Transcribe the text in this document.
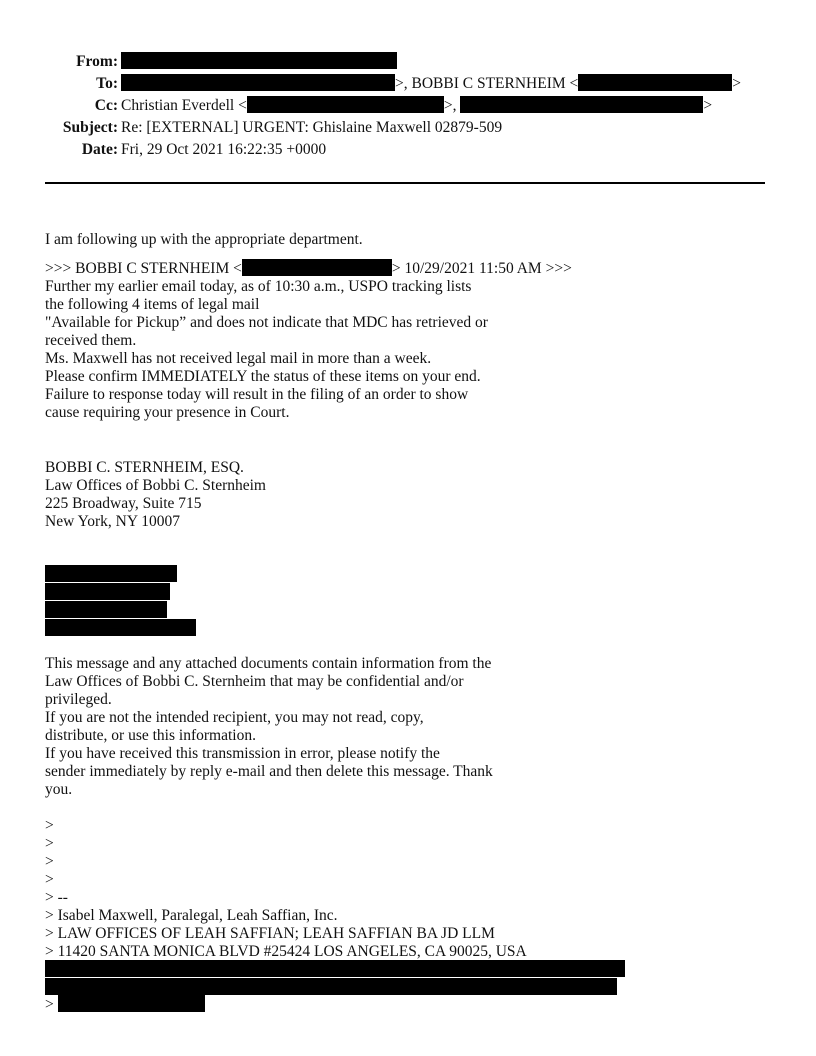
From:
To:	>, BOBBI C STERNHEIM <	>
Cc: Christian Everdell <	>,	>
Subject: Re: [EXTERNAL] URGENT: Ghislaine Maxwell 02879-509
Date: Fri, 29 Oct 2021 16:22:35 +0000
I am following up with the appropriate department.
>>> BOBBI C STERNHEIM <	> 10/29/2021 11:50 AM >>>
Further my earlier email today, as of 10:30 a.m., USPO tracking lists
the following 4 items of legal mail
"Available for Pickup” and does not indicate that MDC has retrieved or
received them.
Ms. Maxwell has not received legal mail in more than a week.
Please confirm IMMEDIATELY the status of these items on your end.
Failure to response today will result in the filing of an order to show
cause requiring your presence in Court.
BOBBI C. STERNHEIM, ESQ.
Law Offices of Bobbi C. Sternheim
225 Broadway, Suite 715
New York, NY 10007
This message and any attached documents contain information from the
Law Offices of Bobbi C. Sternheim that may be confidential and/or
privileged.
If you are not the intended recipient, you may not read, copy,
distribute, or use this information.
If you have received this transmission in error, please notify the
sender immediately by reply e-mail and then delete this message. Thank
you.
>
>
>
>
> --
> Isabel Maxwell, Paralegal, Leah Saffian, Inc.
> LAW OFFICES OF LEAH SAFFIAN; LEAH SAFFIAN BA JD LLM
> 11420 SANTA MONICA BLVD #25424 LOS ANGELES, CA 90025, USA
>
